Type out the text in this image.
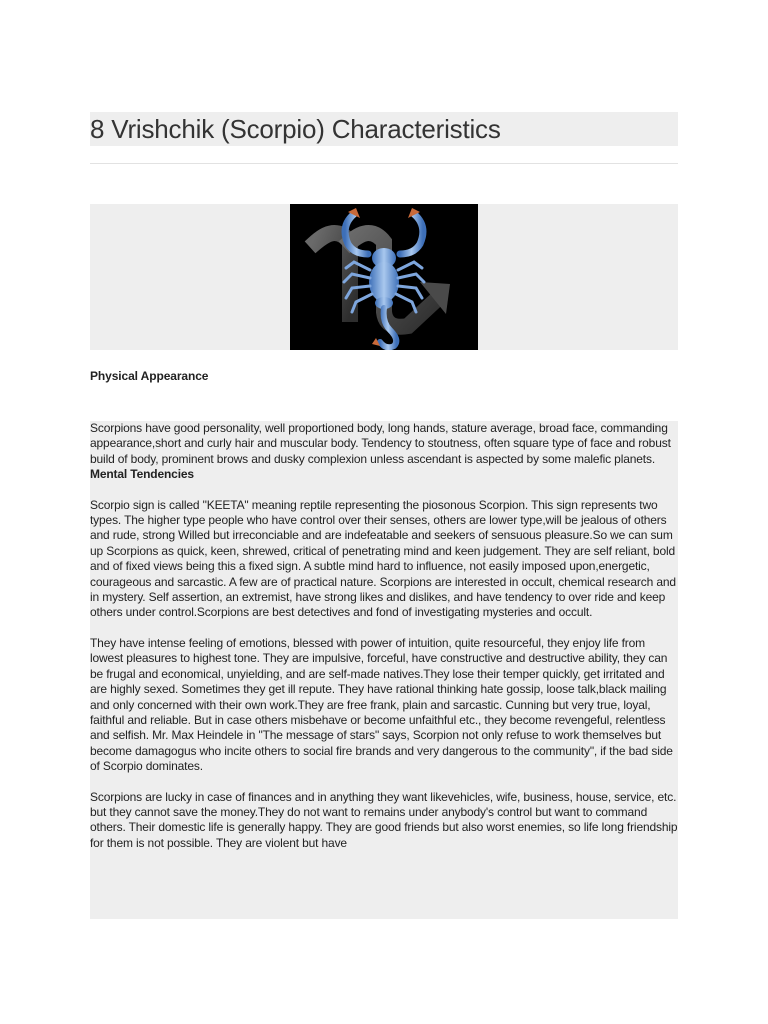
8 Vrishchik (Scorpio) Characteristics
Physical Appearance

Scorpions have good personality, well proportioned body, long hands, stature average, broad face, commanding appearance,short and curly hair and muscular body. Tendency to stoutness, often square type of face and robust build of body, prominent brows and dusky complexion unless ascendant is aspected by some malefic planets. Mental Tendencies

Scorpio sign is called "KEETA" meaning reptile representing the piosonous Scorpion. This sign represents two types. The higher type people who have control over their senses, others are lower type,will be jealous of others and rude, strong Willed but irreconciable and are indefeatable and seekers of sensuous pleasure.So we can sum up Scorpions as quick, keen, shrewed, critical of penetrating mind and keen judgement. They are self reliant, bold and of fixed views being this a fixed sign. A subtle mind hard to influence, not easily imposed upon,energetic, courageous and sarcastic. A few are of practical nature. Scorpions are interested in occult, chemical research and in mystery. Self assertion, an extremist, have strong likes and dislikes, and have tendency to over ride and keep others under control.Scorpions are best detectives and fond of investigating mysteries and occult.

They have intense feeling of emotions, blessed with power of intuition, quite resourceful, they enjoy life from lowest pleasures to highest tone. They are impulsive, forceful, have constructive and destructive ability, they can be frugal and economical, unyielding, and are self-made natives.They lose their temper quickly, get irritated and are highly sexed. Sometimes they get ill repute. They have rational thinking hate gossip, loose talk,black mailing and only concerned with their own work.They are free frank, plain and sarcastic. Cunning but very true, loyal, faithful and reliable. But in case others misbehave or become unfaithful etc., they become revengeful, relentless and selfish. Mr. Max Heindele in "The message of stars" says, Scorpion not only refuse to work themselves but become damagogus who incite others to social fire brands and very dangerous to the community", if the bad side of Scorpio dominates.

Scorpions are lucky in case of finances and in anything they want likevehicles, wife, business, house, service, etc. but they cannot save the money.They do not want to remains under anybody's control but want to command others. Their domestic life is generally happy. They are good friends but also worst enemies, so life long friendship for them is not possible. They are violent but have
